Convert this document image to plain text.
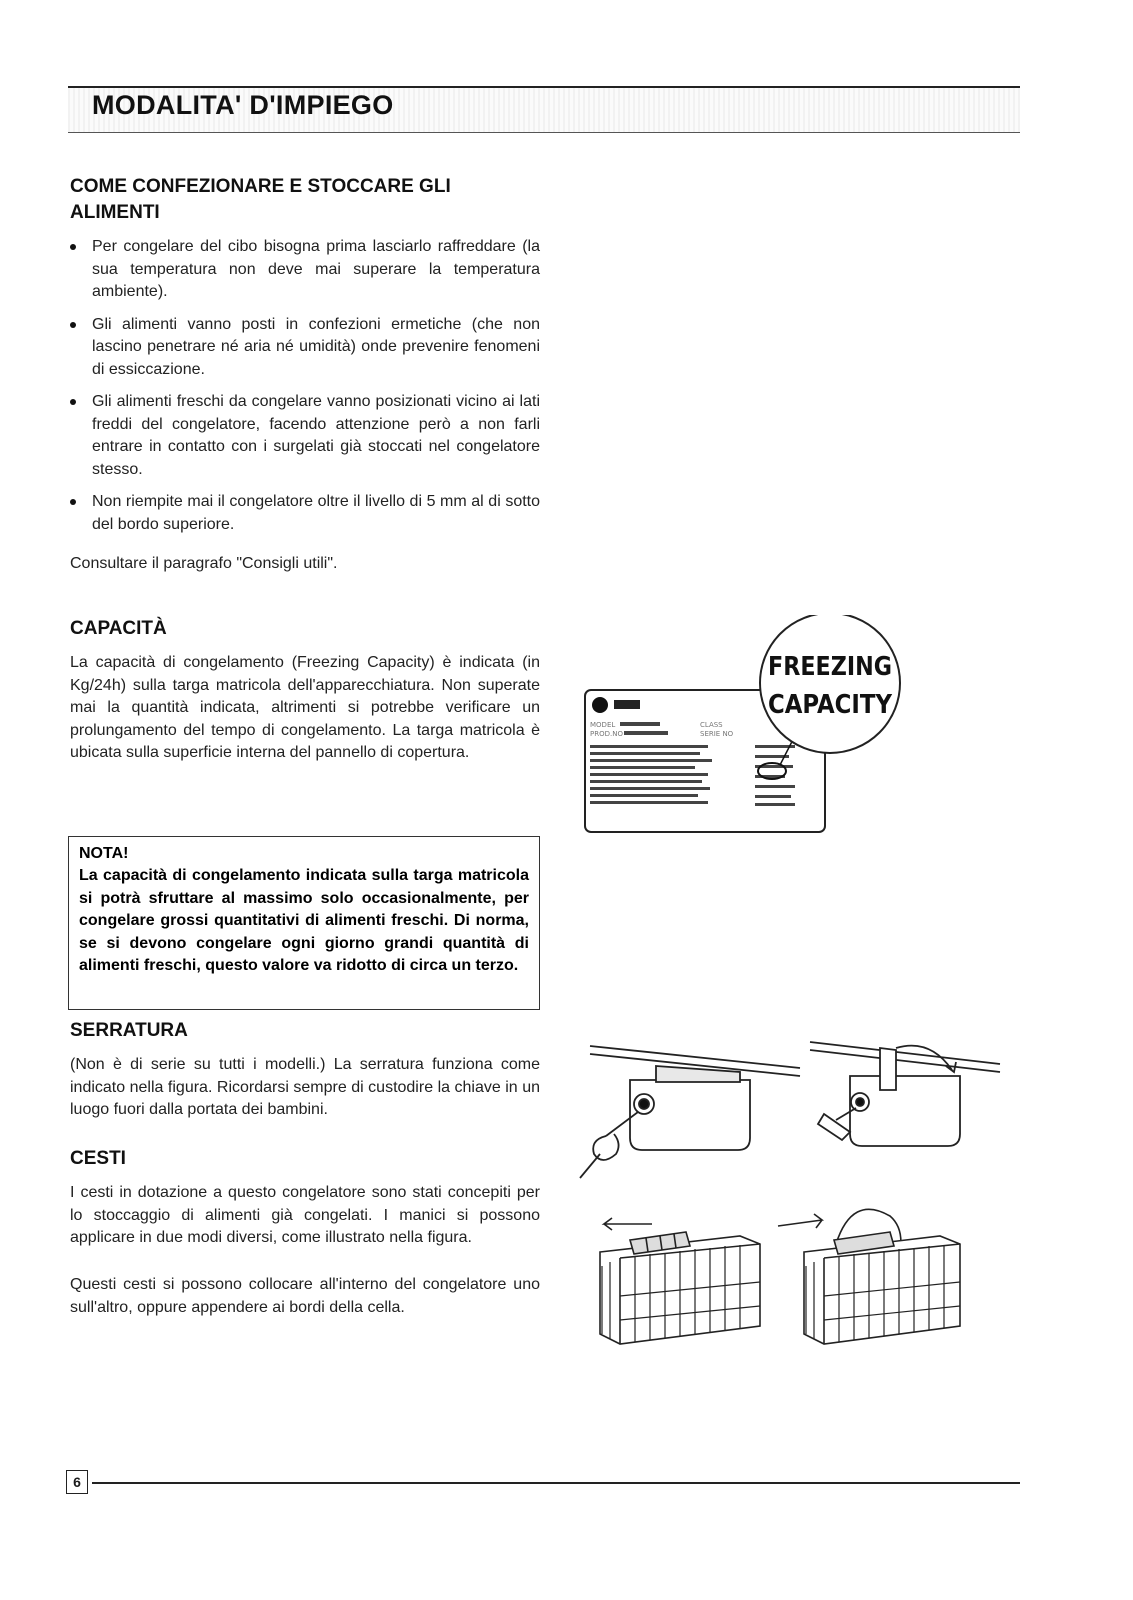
MODALITA' D'IMPIEGO
COME CONFEZIONARE E STOCCARE GLI ALIMENTI
Per congelare del cibo bisogna prima lasciarlo raffreddare (la sua temperatura non deve mai superare la temperatura ambiente).
Gli alimenti vanno posti in confezioni ermetiche (che non lascino penetrare né aria né umidità) onde prevenire fenomeni di essiccazione.
Gli alimenti freschi da congelare vanno posizionati vicino ai lati freddi del congelatore, facendo attenzione però a non farli entrare in contatto con i surgelati già stoccati nel congelatore stesso.
Non riempite mai il congelatore oltre il livello di 5 mm al di sotto del bordo superiore.
Consultare il paragrafo "Consigli utili".
CAPACITÀ
La capacità di congelamento (Freezing Capacity) è indicata (in Kg/24h) sulla targa matricola dell'apparecchiatura. Non superate mai la quantità indicata, altrimenti si potrebbe verificare un prolungamento del tempo di congelamento. La targa matricola è ubicata sulla superficie interna del pannello di copertura.
NOTA!
La capacità di congelamento indicata sulla targa matricola si potrà sfruttare al massimo solo occasionalmente, per congelare grossi quantitativi di alimenti freschi. Di norma, se si devono congelare ogni giorno grandi quantità di alimenti freschi, questo valore va ridotto di circa un terzo.
SERRATURA
(Non è di serie su tutti i modelli.) La serratura funziona come indicato nella figura. Ricordarsi sempre di custodire la chiave in un luogo fuori dalla portata dei bambini.
CESTI
I cesti in dotazione a questo congelatore sono stati concepiti per lo stoccaggio di alimenti già congelati. I manici si possono applicare in due modi diversi, come illustrato nella figura.
Questi cesti si possono collocare all'interno del congelatore uno sull'altro, oppure appendere ai bordi della cella.
MODEL
PROD.NO
CLASS
SERIE NO
FREEZING
CAPACITY
6
